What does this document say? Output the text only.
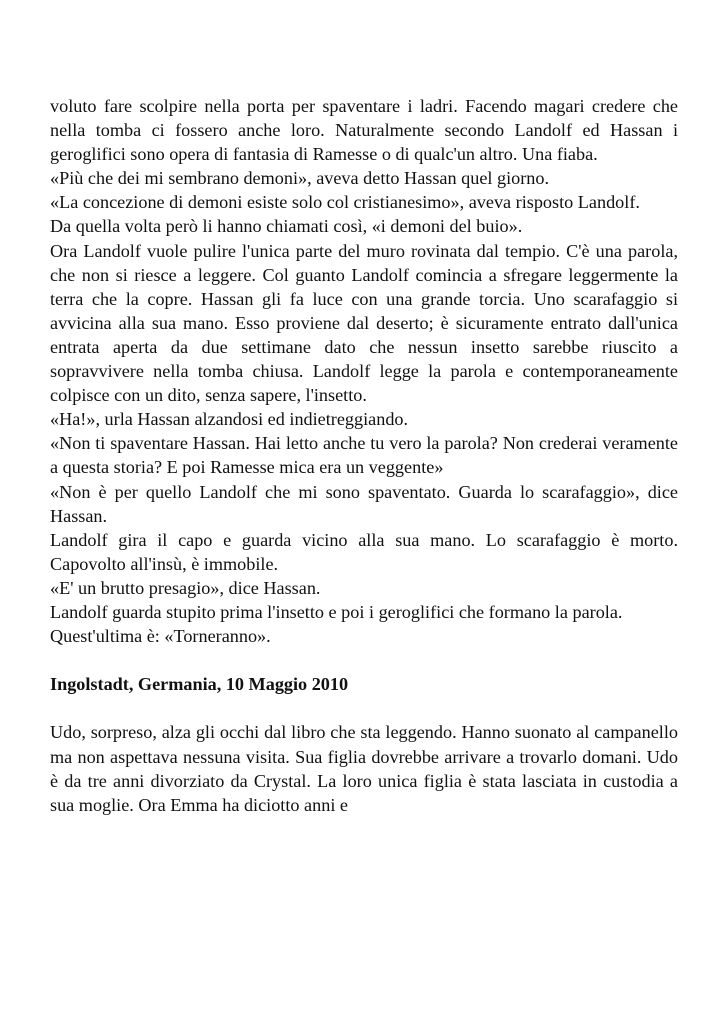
voluto fare scolpire nella porta per spaventare i ladri. Facendo magari credere che nella tomba ci fossero anche loro. Naturalmente secondo Landolf ed Hassan i geroglifici sono opera di fantasia di Ramesse o di qualc'un altro. Una fiaba.

«Più che dei mi sembrano demoni», aveva detto Hassan quel giorno.

«La concezione di demoni esiste solo col cristianesimo», aveva risposto Landolf.

Da quella volta però li hanno chiamati così, «i demoni del buio».

Ora Landolf vuole pulire l'unica parte del muro rovinata dal tempio. C'è una parola, che non si riesce a leggere. Col guanto Landolf comincia a sfregare leggermente la terra che la copre. Hassan gli fa luce con una grande torcia. Uno scarafaggio si avvicina alla sua mano. Esso proviene dal deserto; è sicuramente entrato dall'unica entrata aperta da due settimane dato che nessun insetto sarebbe riuscito a sopravvivere nella tomba chiusa. Landolf legge la parola e contemporaneamente colpisce con un dito, senza sapere, l'insetto.

«Ha!», urla Hassan alzandosi ed indietreggiando.

«Non ti spaventare Hassan. Hai letto anche tu vero la parola? Non crederai veramente a questa storia? E poi Ramesse mica era un veggente»

«Non è per quello Landolf che mi sono spaventato. Guarda lo scarafaggio», dice Hassan.

Landolf gira il capo e guarda vicino alla sua mano. Lo scarafaggio è morto. Capovolto all'insù, è immobile.

«E' un brutto presagio», dice Hassan.

Landolf guarda stupito prima l'insetto e poi i geroglifici che formano la parola.

Quest'ultima è: «Torneranno».

Ingolstadt, Germania, 10 Maggio 2010

Udo, sorpreso, alza gli occhi dal libro che sta leggendo. Hanno suonato al campanello ma non aspettava nessuna visita. Sua figlia dovrebbe arrivare a trovarlo domani. Udo è da tre anni divorziato da Crystal. La loro unica figlia è stata lasciata in custodia a sua moglie. Ora Emma ha diciotto anni e
